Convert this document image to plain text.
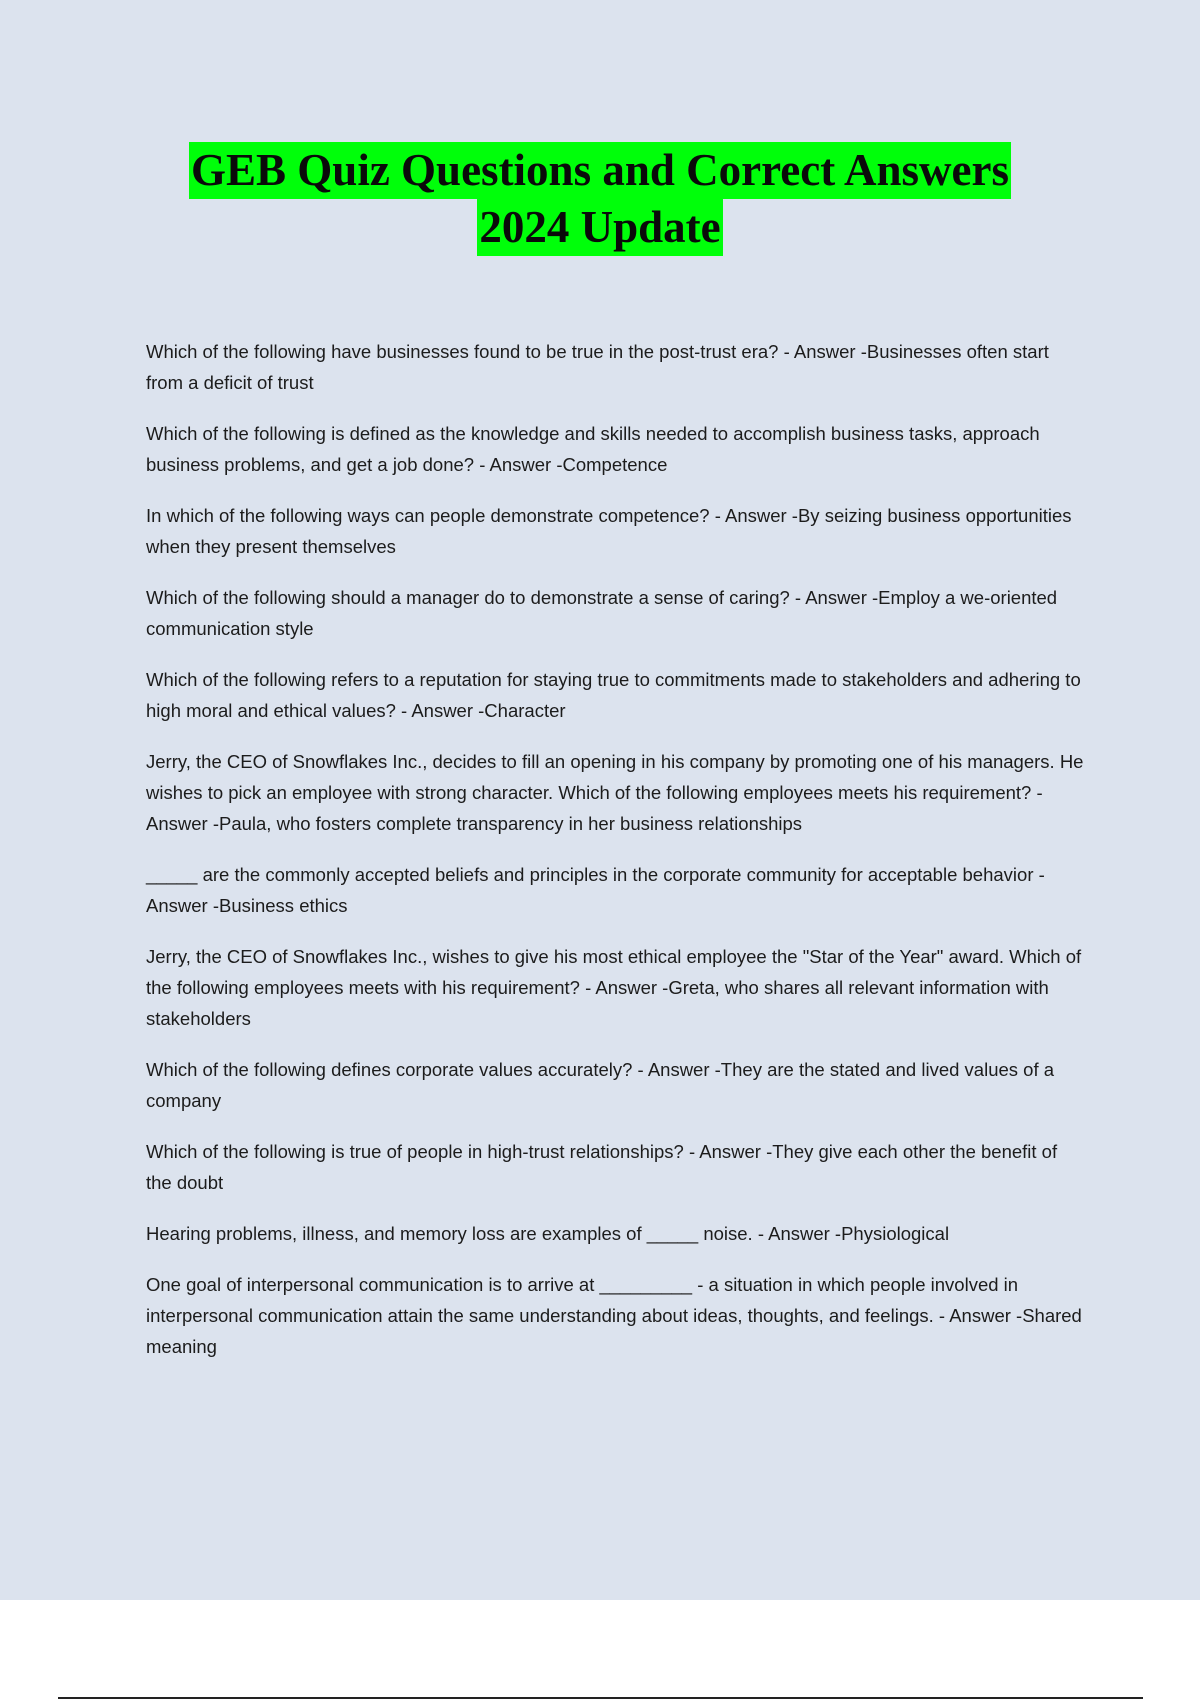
GEB Quiz Questions and Correct Answers
2024 Update

Which of the following have businesses found to be true in the post-trust era? - Answer -Businesses often start from a deficit of trust

Which of the following is defined as the knowledge and skills needed to accomplish business tasks, approach business problems, and get a job done? - Answer -Competence

In which of the following ways can people demonstrate competence? - Answer -By seizing business opportunities when they present themselves

Which of the following should a manager do to demonstrate a sense of caring? - Answer -Employ a we-oriented communication style

Which of the following refers to a reputation for staying true to commitments made to stakeholders and adhering to high moral and ethical values? - Answer -Character

Jerry, the CEO of Snowflakes Inc., decides to fill an opening in his company by promoting one of his managers. He wishes to pick an employee with strong character. Which of the following employees meets his requirement? - Answer -Paula, who fosters complete transparency in her business relationships

_____ are the commonly accepted beliefs and principles in the corporate community for acceptable behavior - Answer -Business ethics

Jerry, the CEO of Snowflakes Inc., wishes to give his most ethical employee the "Star of the Year" award. Which of the following employees meets with his requirement? - Answer -Greta, who shares all relevant information with stakeholders

Which of the following defines corporate values accurately? - Answer -They are the stated and lived values of a company

Which of the following is true of people in high-trust relationships? - Answer -They give each other the benefit of the doubt

Hearing problems, illness, and memory loss are examples of _____ noise. - Answer -Physiological

One goal of interpersonal communication is to arrive at _________ - a situation in which people involved in interpersonal communication attain the same understanding about ideas, thoughts, and feelings. - Answer -Shared meaning
